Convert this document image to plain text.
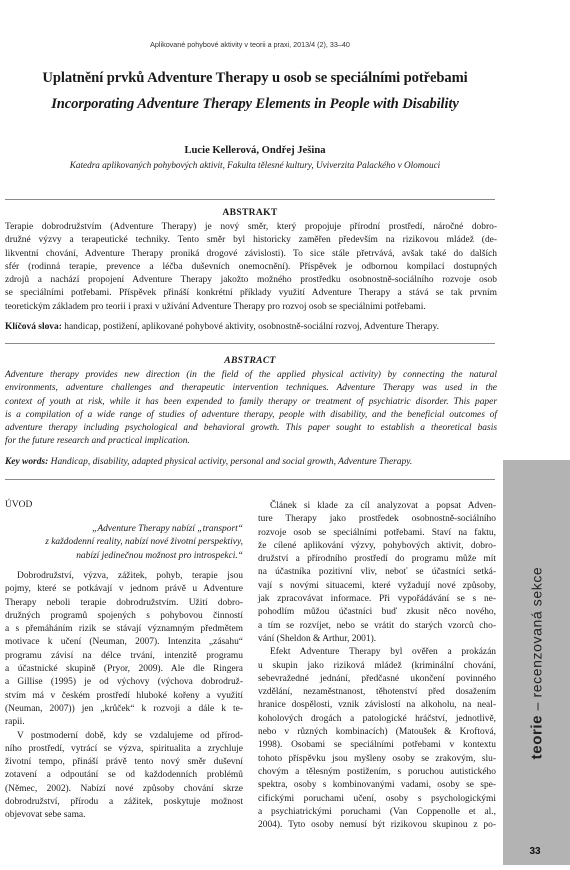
Aplikované pohybové aktivity v teorii a praxi, 2013/4 (2), 33–40
Uplatnění prvků Adventure Therapy u osob se speciálními potřebami
Incorporating Adventure Therapy Elements in People with Disability
Lucie Kellerová, Ondřej Ješina
Katedra aplikovaných pohybových aktivit, Fakulta tělesné kultury, Uviverzita Palackého v Olomouci
ABSTRAKT
Terapie dobrodružstvím (Adventure Therapy) je nový směr, který propojuje přírodní prostředí, náročné dobro-
družné výzvy a terapeutické techniky. Tento směr byl historicky zaměřen především na rizikovou mládež (de-
likventní chování, Adventure Therapy proniká drogové závislosti). To sice stále přetrvává, avšak také do dalších
sfér (rodinná terapie, prevence a léčba duševních onemocnění). Příspěvek je odbornou kompilací dostupných
zdrojů a nachází propojení Adventure Therapy jakožto možného prostředku osobnostně-sociálního rozvoje osob
se speciálními potřebami. Příspěvek přináší konkrétní příklady využití Adventure Therapy a stává se tak prvním
teoretickým základem pro teorii i praxi v užívání Adventure Therapy pro rozvoj osob se speciálními potřebami.
Klíčová slova: handicap, postižení, aplikované pohybové aktivity, osobnostně-sociální rozvoj, Adventure Therapy.
ABSTRACT
Adventure therapy provides new direction (in the field of the applied physical activity) by connecting the natural
environments, adventure challenges and therapeutic intervention techniques. Adventure Therapy was used in the
context of youth at risk, while it has been expended to family therapy or treatment of psychiatric disorder. This paper
is a compilation of a wide range of studies of adventure therapy, people with disability, and the beneficial outcomes of
adventure therapy including psychological and behavioral growth. This paper sought to establish a theoretical basis
for the future research and practical implication.
Key words: Handicap, disability, adapted physical activity, personal and social growth, Adventure Therapy.
ÚVOD
„Adventure Therapy nabízí „transport“
z každodenní reality, nabízí nové životní perspektivy,
nabízí jedinečnou možnost pro introspekci.“
Dobrodružství, výzva, zážitek, pohyb, terapie jsou
pojmy, které se potkávají v jednom právě u Adventure
Therapy neboli terapie dobrodružstvím. Užití dobro-
družných programů spojených s pohybovou činností
a s přemáháním rizik se stávají významným předmětem
motivace k učení (Neuman, 2007). Intenzita „zásahu“
programu závisí na délce trvání, intenzitě programu
a účastnické skupině (Pryor, 2009). Ale dle Ringera
a Gillise (1995) je od výchovy (výchova dobrodruž-
stvím má v českém prostředí hluboké kořeny a využití
(Neuman, 2007)) jen „krůček“ k rozvoji a dále k te-
rapii.
V postmoderní době, kdy se vzdalujeme od přírod-
ního prostředí, vytrácí se výzva, spiritualita a zrychluje
životní tempo, přináší právě tento nový směr duševní
zotavení a odpoutání se od každodenních problémů
(Němec, 2002). Nabízí nové způsoby chování skrze
dobrodružství, přírodu a zážitek, poskytuje možnost
objevovat sebe sama.
Článek si klade za cíl analyzovat a popsat Adven-
ture Therapy jako prostředek osobnostně-sociálního
rozvoje osob se speciálními potřebami. Staví na faktu,
že cílené aplikování výzvy, pohybových aktivit, dobro-
družství a přírodního prostředí do programu může mít
na účastníka pozitivní vliv, neboť se účastníci setká-
vají s novými situacemi, které vyžadují nové způsoby,
jak zpracovávat informace. Při vypořádávání se s ne-
pohodlím můžou účastníci buď zkusit něco nového,
a tím se rozvíjet, nebo se vrátit do starých vzorců cho-
vání (Sheldon & Arthur, 2001).
Efekt Adventure Therapy byl ověřen a prokázán
u skupin jako riziková mládež (kriminální chování,
sebevražedné jednání, předčasné ukončení povinného
vzdělání, nezaměstnanost, těhotenství před dosažením
hranice dospělosti, vznik závislostí na alkoholu, na neal-
koholových drogách a patologické hráčství, jednotlivě,
nebo v různých kombinacích) (Matoušek & Kroftová,
1998). Osobami se speciálními potřebami v kontextu
tohoto příspěvku jsou myšleny osoby se zrakovým, slu-
chovým a tělesným postižením, s poruchou autistického
spektra, osoby s kombinovanými vadami, osoby se spe-
cifickými poruchami učení, osoby s psychologickými
a psychiatrickými poruchami (Van Coppenolle et al.,
2004). Tyto osoby nemusí být rizikovou skupinou z po-
teorie – recenzovaná sekce
33
